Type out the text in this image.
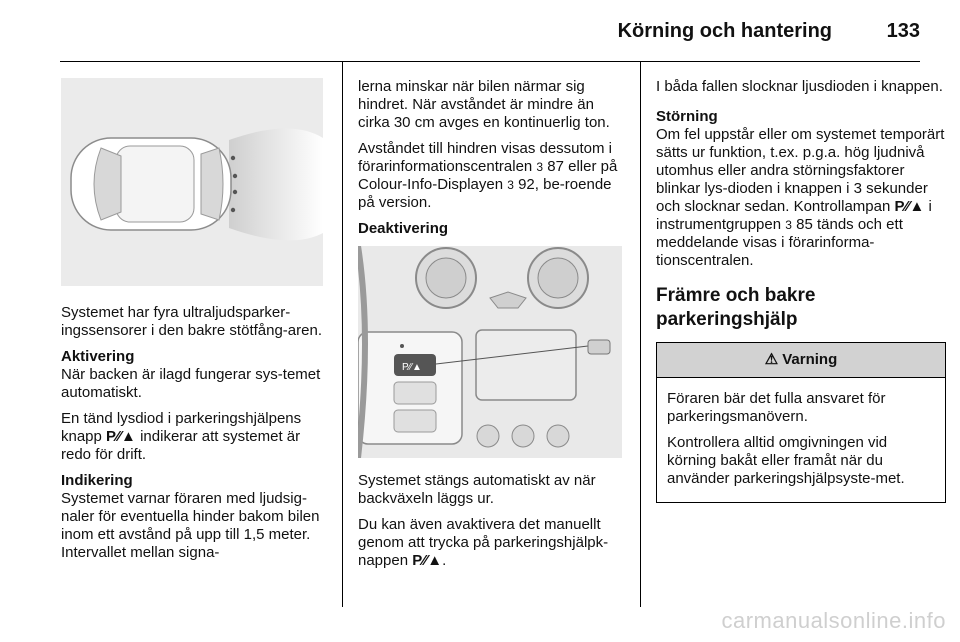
Körning och hantering	133

Systemet har fyra ultraljudsparker-ingssensorer i den bakre stötfång-aren.

Aktivering

När backen är ilagd fungerar sys-temet automatiskt.

En tänd lysdiod i parkeringshjälpens knapp P⁄⁄▲ indikerar att systemet är redo för drift.

Indikering

Systemet varnar föraren med ljudsig-naler för eventuella hinder bakom bilen inom ett avstånd på upp till 1,5 meter. Intervallet mellan signa-

lerna minskar när bilen närmar sig hindret. När avståndet är mindre än cirka 30 cm avges en kontinuerlig ton.

Avståndet till hindren visas dessutom i förarinformationscentralen 3 87 eller på Colour-Info-Displayen 3 92, be-roende på version.

Deaktivering

P⁄⁄▲

Systemet stängs automatiskt av när backväxeln läggs ur.

Du kan även avaktivera det manuellt genom att trycka på parkeringshjälpk-nappen P⁄⁄▲.

I båda fallen slocknar ljusdioden i knappen.

Störning

Om fel uppstår eller om systemet temporärt sätts ur funktion, t.ex. p.g.a. hög ljudnivå utomhus eller andra störningsfaktorer blinkar lys-dioden i knappen i 3 sekunder och slocknar sedan. Kontrollampan P⁄⁄▲ i instrumentgruppen 3 85 tänds och ett meddelande visas i förarinforma-tionscentralen.

Främre och bakre parkeringshjälp
⚠ Varning

Föraren bär det fulla ansvaret för parkeringsmanövern.

Kontrollera alltid omgivningen vid körning bakåt eller framåt när du använder parkeringshjälpsyste-met.

carmanualsonline.info
